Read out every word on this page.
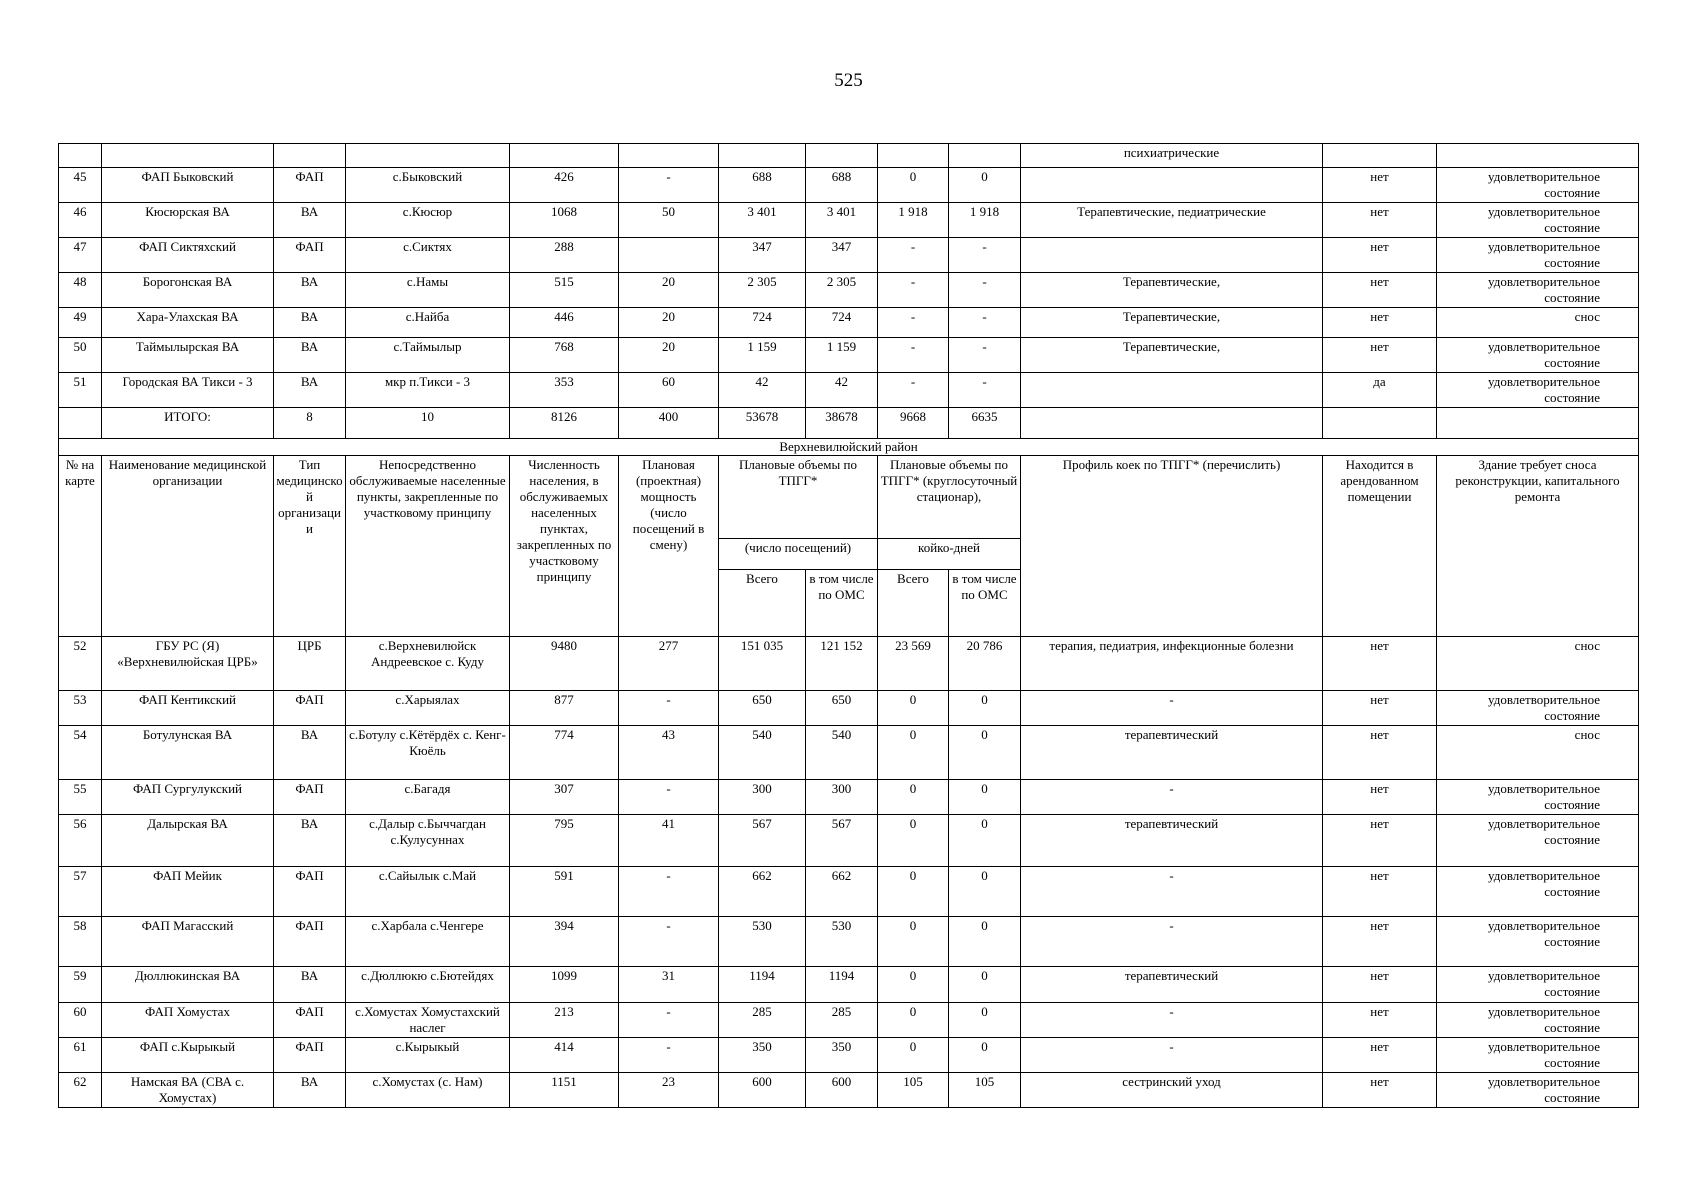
525
										психиатрические		
45	ФАП Быковский	ФАП	с.Быковский	426	-	688	688	0	0		нет	удовлетворительное состояние
46	Кюсюрская ВА	ВА	с.Кюсюр	1068	50	3 401	3 401	1 918	1 918	Терапевтические, педиатрические	нет	удовлетворительное состояние
47	ФАП Сиктяхский	ФАП	с.Сиктях	288		347	347	-	-		нет	удовлетворительное состояние
48	Борогонская ВА	ВА	с.Намы	515	20	2 305	2 305	-	-	Терапевтические,	нет	удовлетворительное состояние
49	Хара-Улахская ВА	ВА	с.Найба	446	20	724	724	-	-	Терапевтические,	нет	снос
50	Таймылырская ВА	ВА	с.Таймылыр	768	20	1 159	1 159	-	-	Терапевтические,	нет	удовлетворительное состояние
51	Городская ВА Тикси - 3	ВА	мкр п.Тикси - 3	353	60	42	42	-	-		да	удовлетворительное состояние
	ИТОГО:	8	10	8126	400	53678	38678	9668	6635			
Верхневилюйский район												
№ на карте	Наименование медицинской организации	Тип медицинской организации	Непосредственно обслуживаемые населенные пункты, закрепленные по участковому принципу	Численность населения, в обслуживаемых населенных пунктах, закрепленных по участковому принципу	Плановая (проектная) мощность (число посещений в смену)	Плановые объемы по ТПГГ*		Плановые объемы по ТПГГ* (круглосуточный стационар),		Профиль коек по ТПГГ* (перечислить)	Находится в арендованном помещении	Здание требует сноса реконструкции, капитального ремонта
						(число посещений)		койко-дней				
						Всего	в том числе по ОМС	Всего	в том числе по ОМС			
52	ГБУ РС (Я) «Верхневилюйская ЦРБ»	ЦРБ	с.Верхневилюйск Андреевское с. Куду	9480	277	151 035	121 152	23 569	20 786	терапия, педиатрия, инфекционные болезни	нет	снос
53	ФАП Кентикский	ФАП	с.Харыялах	877	-	650	650	0	0	-	нет	удовлетворительное состояние
54	Ботулунская ВА	ВА	с.Ботулу с.Кётёрдёх с. Кенг-Кюёль	774	43	540	540	0	0	терапевтический	нет	снос
55	ФАП Сургулукский	ФАП	с.Багадя	307	-	300	300	0	0	-	нет	удовлетворительное состояние
56	Далырская ВА	ВА	с.Далыр с.Быччагдан с.Кулусуннах	795	41	567	567	0	0	терапевтический	нет	удовлетворительное состояние
57	ФАП Мейик	ФАП	с.Сайылык с.Май	591	-	662	662	0	0	-	нет	удовлетворительное состояние
58	ФАП Магасский	ФАП	с.Харбала с.Ченгере	394	-	530	530	0	0	-	нет	удовлетворительное состояние
59	Дюллюкинская ВА	ВА	с.Дюллюкю с.Бютейдях	1099	31	1194	1194	0	0	терапевтический	нет	удовлетворительное состояние
60	ФАП Хомустах	ФАП	с.Хомустах Хомустахский наслег	213	-	285	285	0	0	-	нет	удовлетворительное состояние
61	ФАП с.Кырыкый	ФАП	с.Кырыкый	414	-	350	350	0	0	-	нет	удовлетворительное состояние
62	Намская ВА (СВА с. Хомустах)	ВА	с.Хомустах (с. Нам)	1151	23	600	600	105	105	сестринский уход	нет	удовлетворительное состояние
